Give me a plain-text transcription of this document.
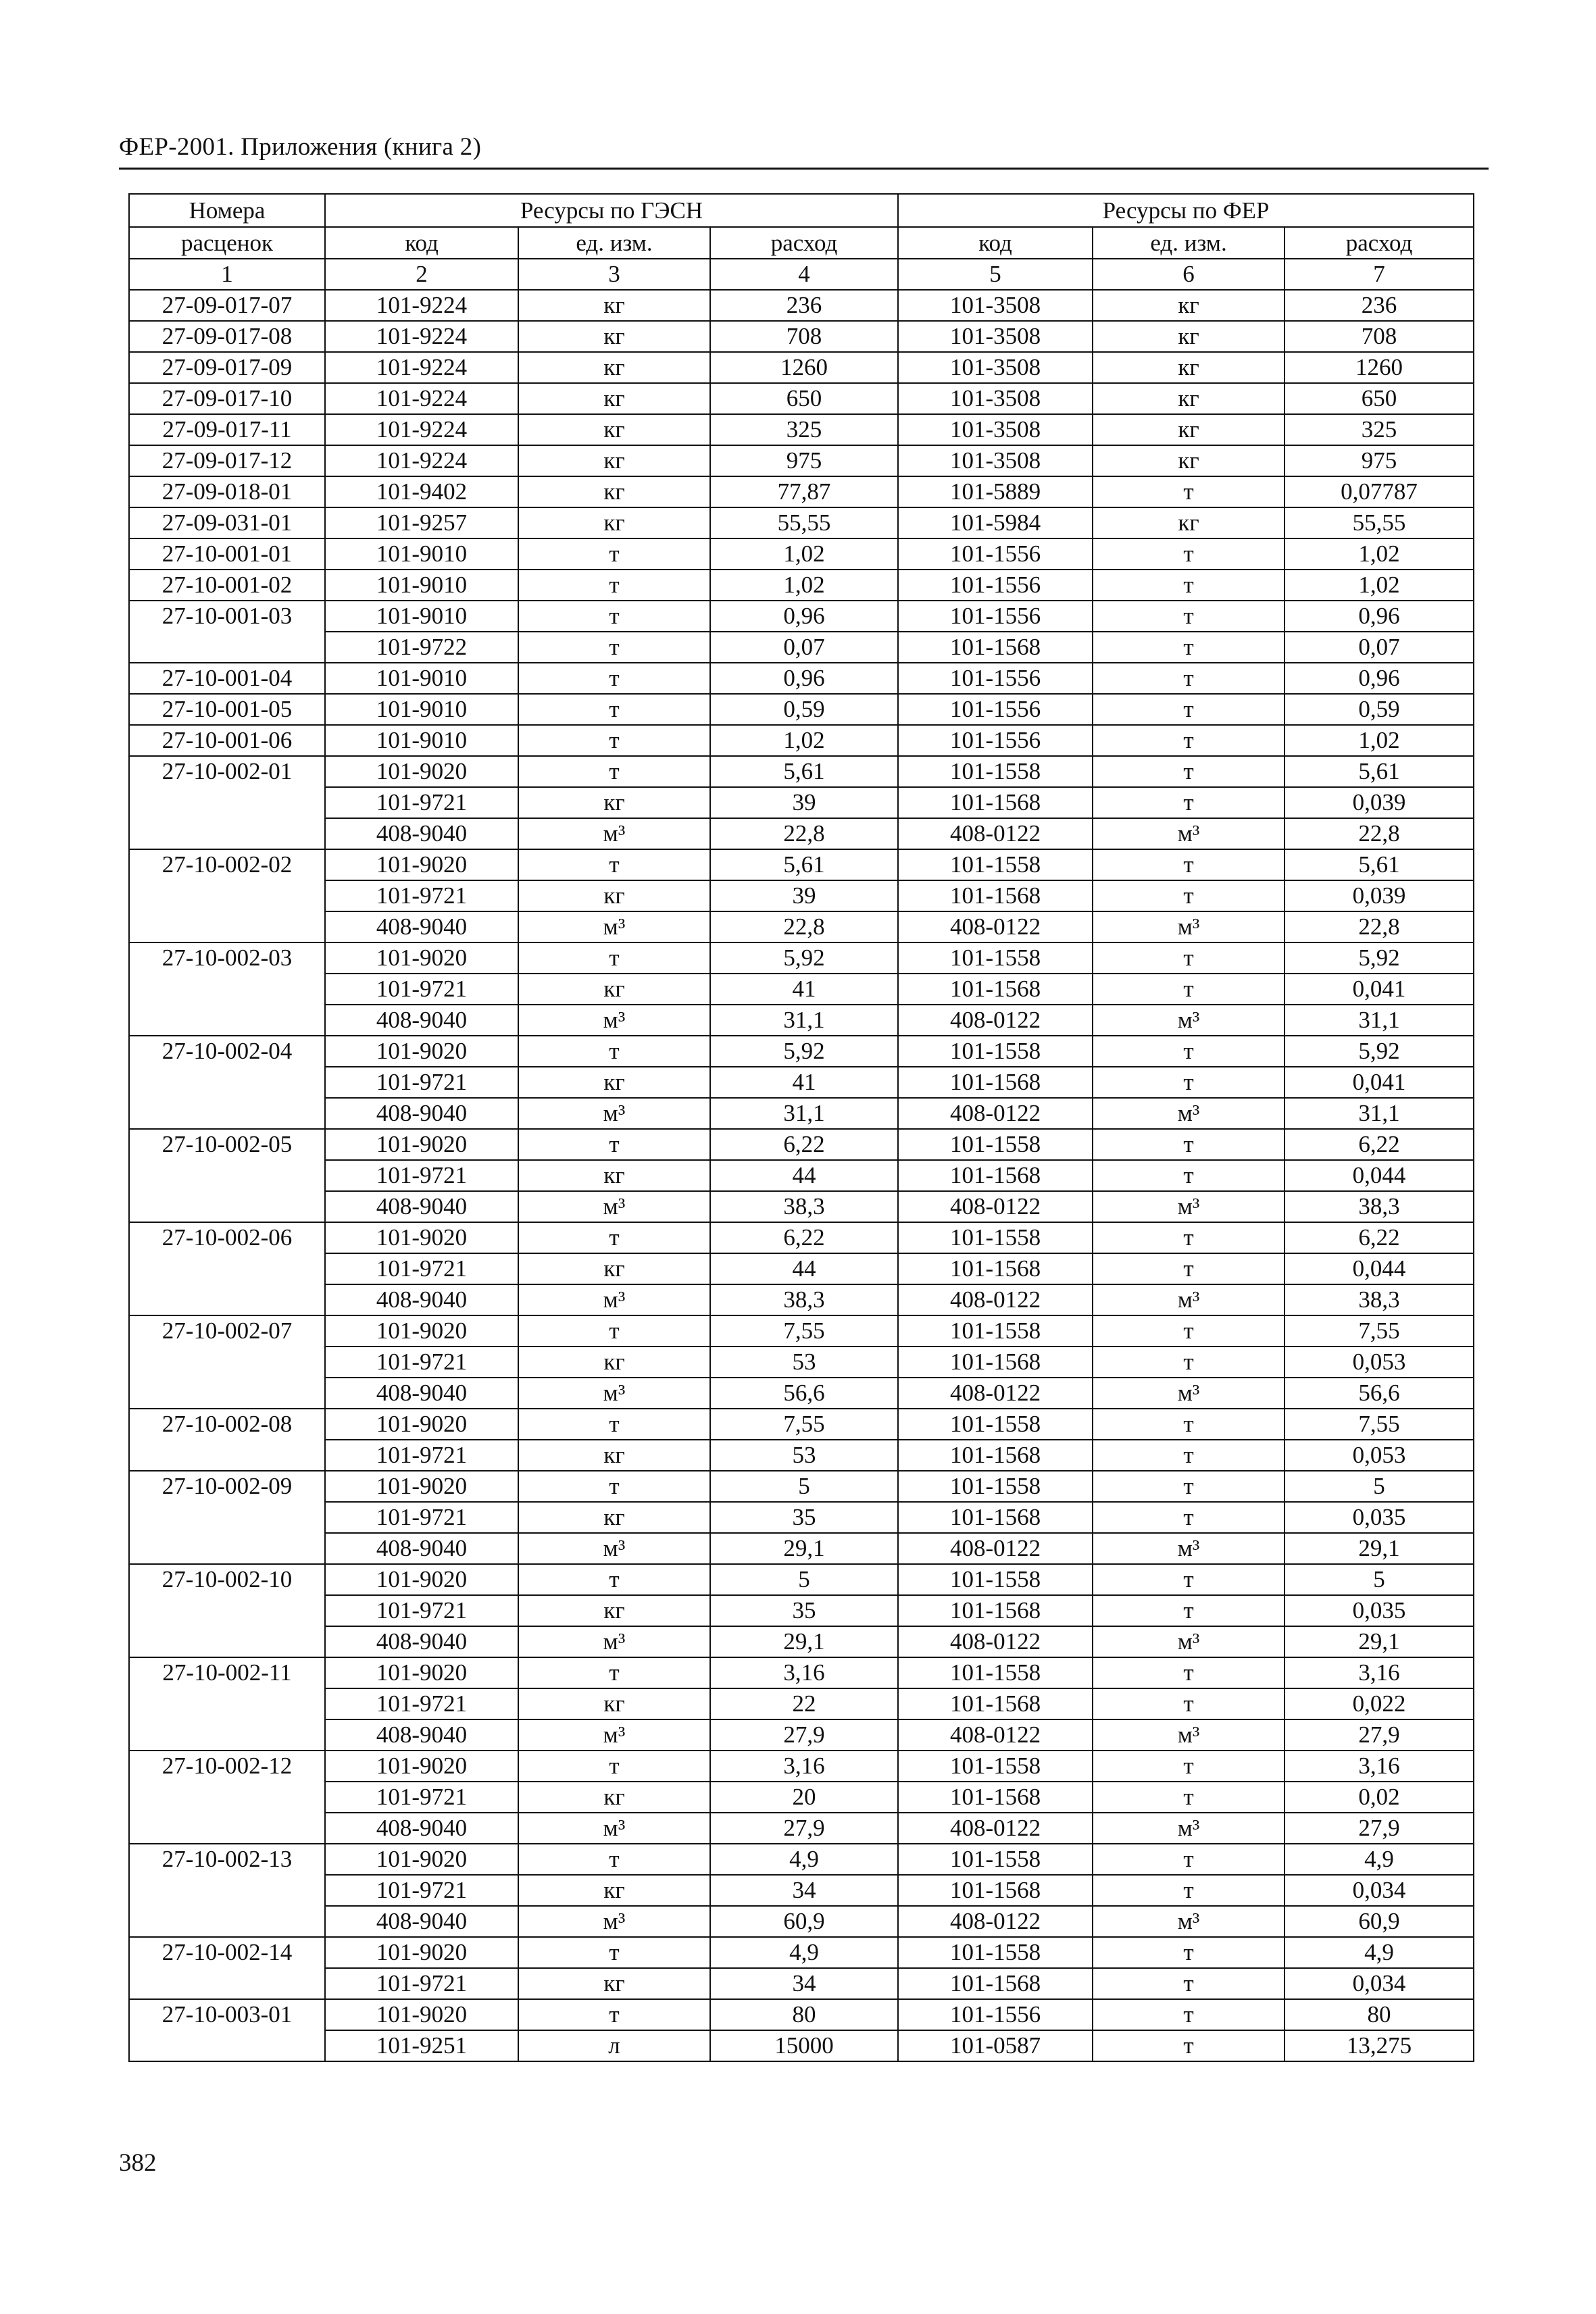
ФЕР-2001. Приложения (книга 2)
Номера	Ресурсы по ГЭСН			Ресурсы по ФЕР		
расценок	код	ед. изм.	расход	код	ед. изм.	расход
1	2	3	4	5	6	7
27-09-017-07	101-9224	кг	236	101-3508	кг	236
27-09-017-08	101-9224	кг	708	101-3508	кг	708
27-09-017-09	101-9224	кг	1260	101-3508	кг	1260
27-09-017-10	101-9224	кг	650	101-3508	кг	650
27-09-017-11	101-9224	кг	325	101-3508	кг	325
27-09-017-12	101-9224	кг	975	101-3508	кг	975
27-09-018-01	101-9402	кг	77,87	101-5889	т	0,07787
27-09-031-01	101-9257	кг	55,55	101-5984	кг	55,55
27-10-001-01	101-9010	т	1,02	101-1556	т	1,02
27-10-001-02	101-9010	т	1,02	101-1556	т	1,02
27-10-001-03	101-9010	т	0,96	101-1556	т	0,96
	101-9722	т	0,07	101-1568	т	0,07
27-10-001-04	101-9010	т	0,96	101-1556	т	0,96
27-10-001-05	101-9010	т	0,59	101-1556	т	0,59
27-10-001-06	101-9010	т	1,02	101-1556	т	1,02
27-10-002-01	101-9020	т	5,61	101-1558	т	5,61
	101-9721	кг	39	101-1568	т	0,039
	408-9040	м³	22,8	408-0122	м³	22,8
27-10-002-02	101-9020	т	5,61	101-1558	т	5,61
	101-9721	кг	39	101-1568	т	0,039
	408-9040	м³	22,8	408-0122	м³	22,8
27-10-002-03	101-9020	т	5,92	101-1558	т	5,92
	101-9721	кг	41	101-1568	т	0,041
	408-9040	м³	31,1	408-0122	м³	31,1
27-10-002-04	101-9020	т	5,92	101-1558	т	5,92
	101-9721	кг	41	101-1568	т	0,041
	408-9040	м³	31,1	408-0122	м³	31,1
27-10-002-05	101-9020	т	6,22	101-1558	т	6,22
	101-9721	кг	44	101-1568	т	0,044
	408-9040	м³	38,3	408-0122	м³	38,3
27-10-002-06	101-9020	т	6,22	101-1558	т	6,22
	101-9721	кг	44	101-1568	т	0,044
	408-9040	м³	38,3	408-0122	м³	38,3
27-10-002-07	101-9020	т	7,55	101-1558	т	7,55
	101-9721	кг	53	101-1568	т	0,053
	408-9040	м³	56,6	408-0122	м³	56,6
27-10-002-08	101-9020	т	7,55	101-1558	т	7,55
	101-9721	кг	53	101-1568	т	0,053
27-10-002-09	101-9020	т	5	101-1558	т	5
	101-9721	кг	35	101-1568	т	0,035
	408-9040	м³	29,1	408-0122	м³	29,1
27-10-002-10	101-9020	т	5	101-1558	т	5
	101-9721	кг	35	101-1568	т	0,035
	408-9040	м³	29,1	408-0122	м³	29,1
27-10-002-11	101-9020	т	3,16	101-1558	т	3,16
	101-9721	кг	22	101-1568	т	0,022
	408-9040	м³	27,9	408-0122	м³	27,9
27-10-002-12	101-9020	т	3,16	101-1558	т	3,16
	101-9721	кг	20	101-1568	т	0,02
	408-9040	м³	27,9	408-0122	м³	27,9
27-10-002-13	101-9020	т	4,9	101-1558	т	4,9
	101-9721	кг	34	101-1568	т	0,034
	408-9040	м³	60,9	408-0122	м³	60,9
27-10-002-14	101-9020	т	4,9	101-1558	т	4,9
	101-9721	кг	34	101-1568	т	0,034
27-10-003-01	101-9020	т	80	101-1556	т	80
	101-9251	л	15000	101-0587	т	13,275
382
